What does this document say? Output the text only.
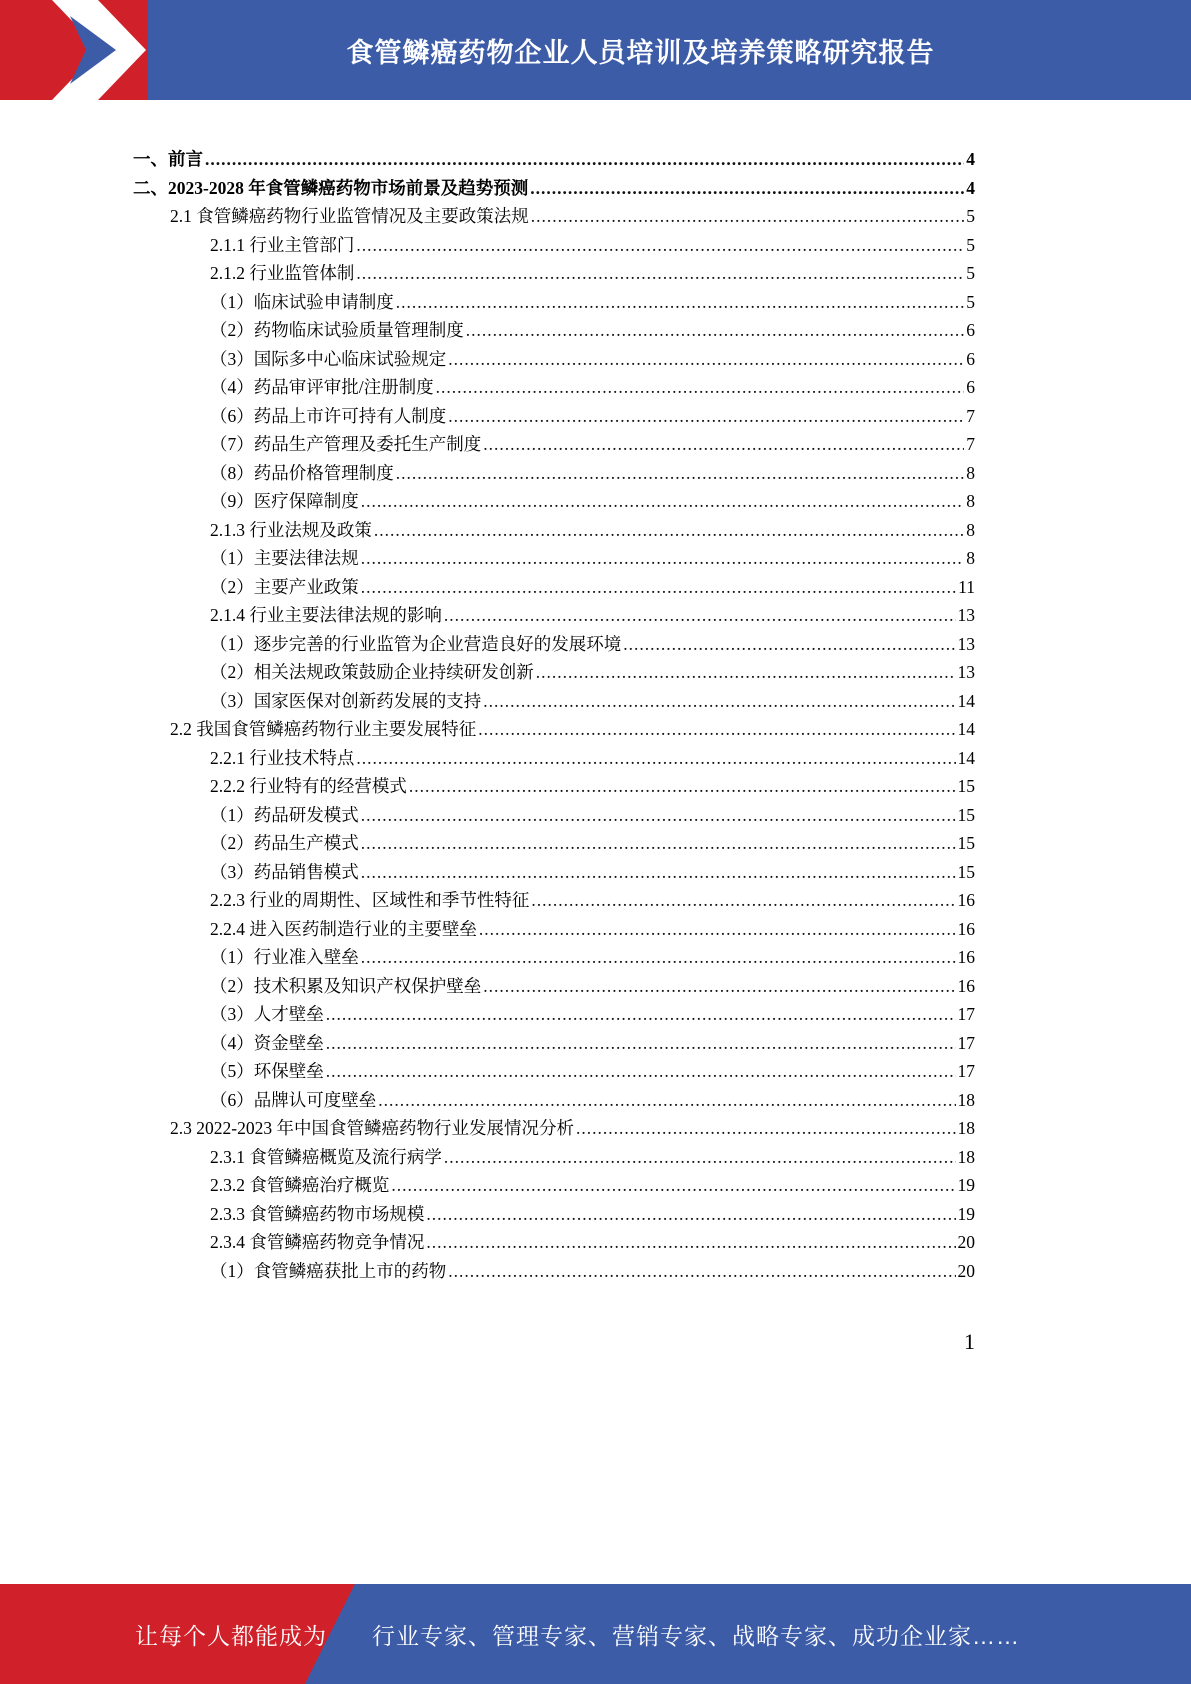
食管鳞癌药物企业人员培训及培养策略研究报告
一、前言 .....	4
二、2023-2028 年食管鳞癌药物市场前景及趋势预测 .....	4
2.1 食管鳞癌药物行业监管情况及主要政策法规 .....	5
2.1.1 行业主管部门 .....	5
2.1.2 行业监管体制 .....	5
（1）临床试验申请制度 .....	5
（2）药物临床试验质量管理制度 .....	6
（3）国际多中心临床试验规定 .....	6
（4）药品审评审批/注册制度 .....	6
（6）药品上市许可持有人制度 .....	7
（7）药品生产管理及委托生产制度 .....	7
（8）药品价格管理制度 .....	8
（9）医疗保障制度 .....	8
2.1.3 行业法规及政策 .....	8
（1）主要法律法规 .....	8
（2）主要产业政策 .....	11
2.1.4 行业主要法律法规的影响 .....	13
（1）逐步完善的行业监管为企业营造良好的发展环境 .....	13
（2）相关法规政策鼓励企业持续研发创新 .....	13
（3）国家医保对创新药发展的支持 .....	14
2.2 我国食管鳞癌药物行业主要发展特征 .....	14
2.2.1 行业技术特点 .....	14
2.2.2 行业特有的经营模式 .....	15
（1）药品研发模式 .....	15
（2）药品生产模式 .....	15
（3）药品销售模式 .....	15
2.2.3 行业的周期性、区域性和季节性特征 .....	16
2.2.4 进入医药制造行业的主要壁垒 .....	16
（1）行业准入壁垒 .....	16
（2）技术积累及知识产权保护壁垒 .....	16
（3）人才壁垒 .....	17
（4）资金壁垒 .....	17
（5）环保壁垒 .....	17
（6）品牌认可度壁垒 .....	18
2.3 2022-2023 年中国食管鳞癌药物行业发展情况分析 .....	18
2.3.1 食管鳞癌概览及流行病学 .....	18
2.3.2 食管鳞癌治疗概览 .....	19
2.3.3 食管鳞癌药物市场规模 .....	19
2.3.4 食管鳞癌药物竞争情况 .....	20
（1）食管鳞癌获批上市的药物 .....	20
1
让每个人都能成为 行业专家、管理专家、营销专家、战略专家、成功企业家……
